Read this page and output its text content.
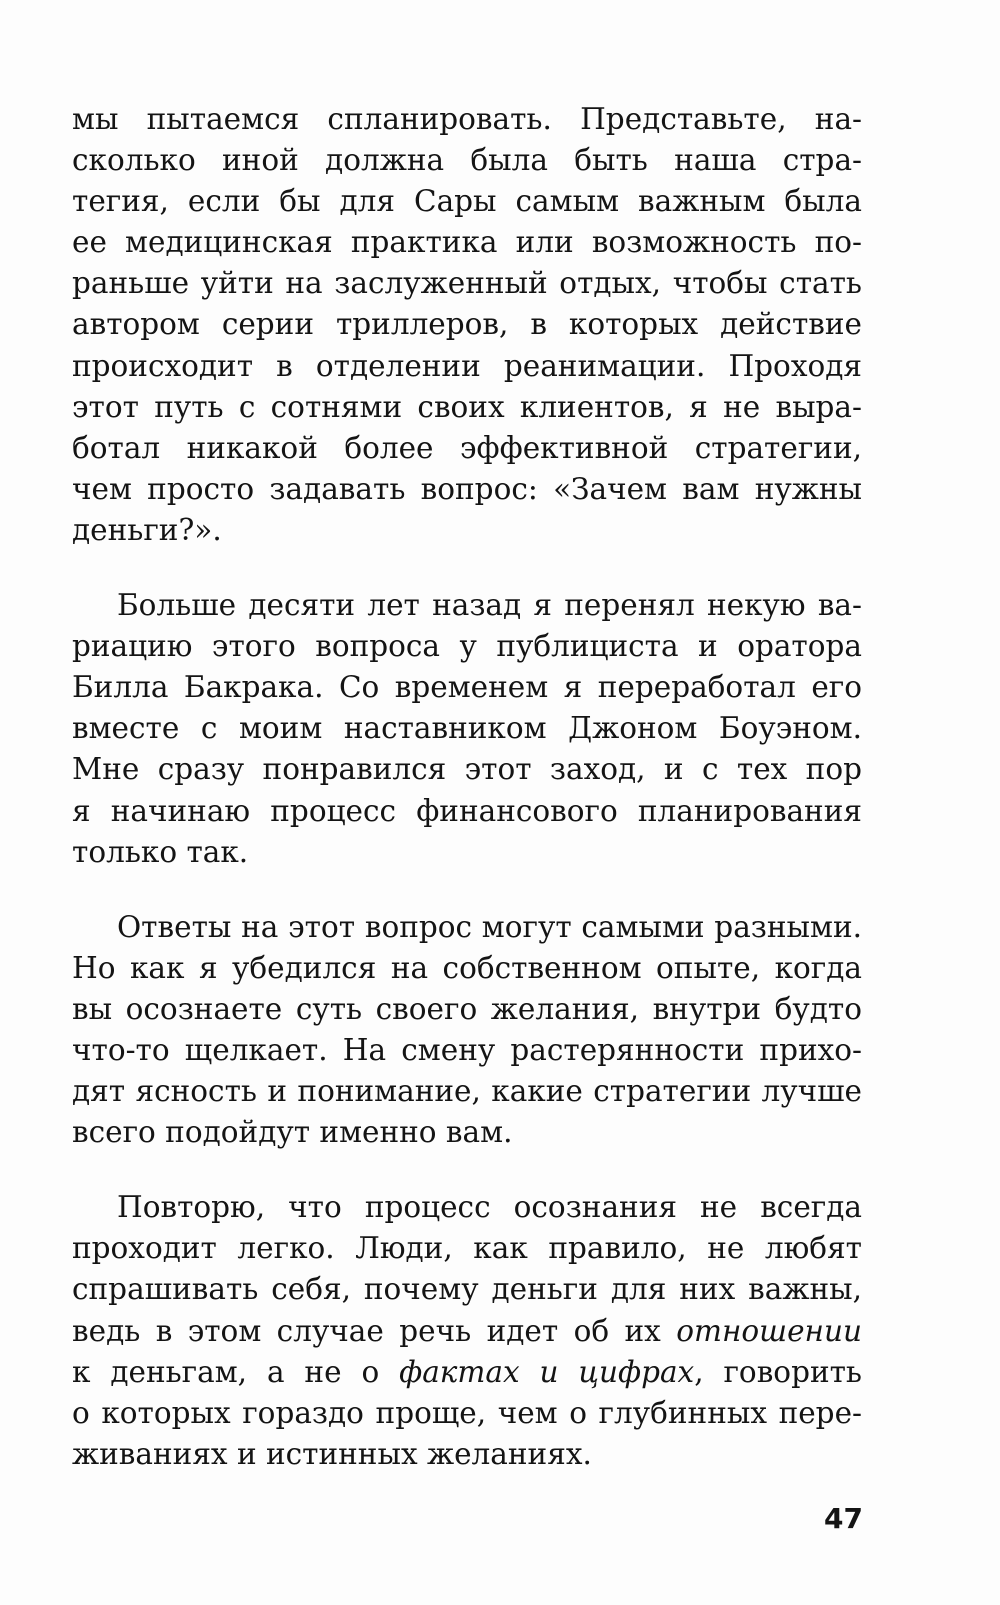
мы пытаемся спланировать. Представьте, на-
сколько иной должна была быть наша стра-
тегия, если бы для Сары самым важным была
ее медицинская практика или возможность по-
раньше уйти на заслуженный отдых, чтобы стать
автором серии триллеров, в которых действие
происходит в отделении реанимации. Проходя
этот путь с сотнями своих клиентов, я не выра-
ботал никакой более эффективной стратегии,
чем просто задавать вопрос: «Зачем вам нужны
деньги?».

Больше десяти лет назад я перенял некую ва-
риацию этого вопроса у публициста и оратора
Билла Бакрака. Со временем я переработал его
вместе с моим наставником Джоном Боуэном.
Мне сразу понравился этот заход, и с тех пор
я начинаю процесс финансового планирования
только так.

Ответы на этот вопрос могут самыми разными.
Но как я убедился на собственном опыте, когда
вы осознаете суть своего желания, внутри будто
что-то щелкает. На смену растерянности прихо-
дят ясность и понимание, какие стратегии лучше
всего подойдут именно вам.

Повторю, что процесс осознания не всегда
проходит легко. Люди, как правило, не любят
спрашивать себя, почему деньги для них важны,
ведь в этом случае речь идет об их отношении
к деньгам, а не о фактах и цифрах, говорить
о которых гораздо проще, чем о глубинных пере-
живаниях и истинных желаниях.

47
